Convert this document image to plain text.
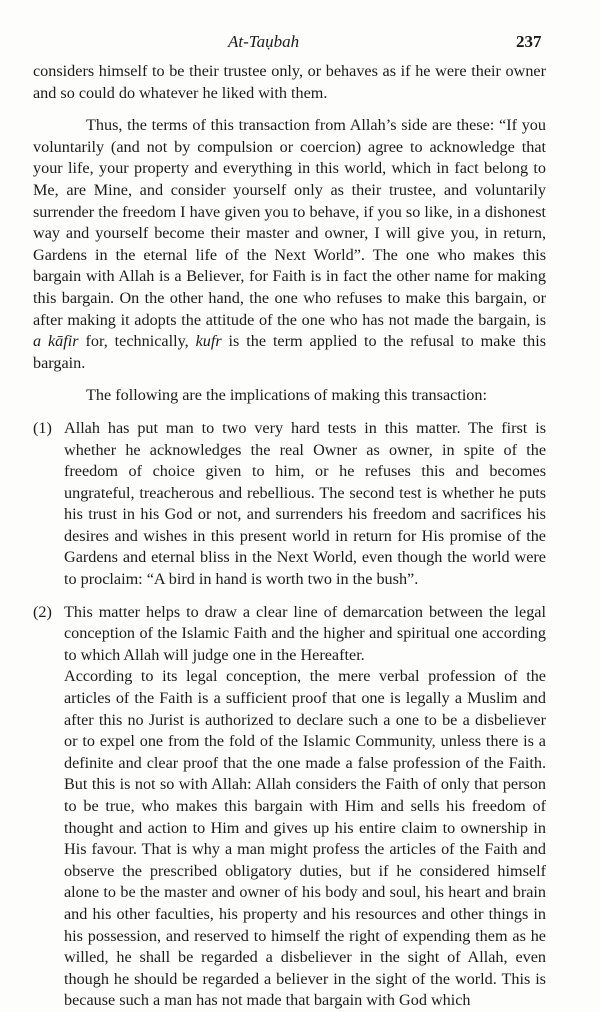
At-Taụbah	237

considers himself to be their trustee only, or behaves as if he were their owner and so could do whatever he liked with them.

Thus, the terms of this transaction from Allah’s side are these: “If you voluntarily (and not by compulsion or coercion) agree to acknowledge that your life, your property and everything in this world, which in fact belong to Me, are Mine, and consider yourself only as their trustee, and voluntarily surrender the freedom I have given you to behave, if you so like, in a dishonest way and yourself become their master and owner, I will give you, in return, Gardens in the eternal life of the Next World”. The one who makes this bargain with Allah is a Believer, for Faith is in fact the other name for making this bargain. On the other hand, the one who refuses to make this bargain, or after making it adopts the attitude of the one who has not made the bargain, is a kāfir for, technically, kufr is the term applied to the refusal to make this bargain.

The following are the implications of making this transaction:

(1) Allah has put man to two very hard tests in this matter. The first is whether he acknowledges the real Owner as owner, in spite of the freedom of choice given to him, or he refuses this and becomes ungrateful, treacherous and rebellious. The second test is whether he puts his trust in his God or not, and surrenders his freedom and sacrifices his desires and wishes in this present world in return for His promise of the Gardens and eternal bliss in the Next World, even though the world were to proclaim: “A bird in hand is worth two in the bush”.

(2) This matter helps to draw a clear line of demarcation between the legal conception of the Islamic Faith and the higher and spiritual one according to which Allah will judge one in the Hereafter.

According to its legal conception, the mere verbal profession of the articles of the Faith is a sufficient proof that one is legally a Muslim and after this no Jurist is authorized to declare such a one to be a disbeliever or to expel one from the fold of the Islamic Community, unless there is a definite and clear proof that the one made a false profession of the Faith. But this is not so with Allah: Allah considers the Faith of only that person to be true, who makes this bargain with Him and sells his freedom of thought and action to Him and gives up his entire claim to ownership in His favour. That is why a man might profess the articles of the Faith and observe the prescribed obligatory duties, but if he considered himself alone to be the master and owner of his body and soul, his heart and brain and his other faculties, his property and his resources and other things in his possession, and reserved to himself the right of expending them as he willed, he shall be regarded a disbeliever in the sight of Allah, even though he should be regarded a believer in the sight of the world. This is because such a man has not made that bargain with God which
